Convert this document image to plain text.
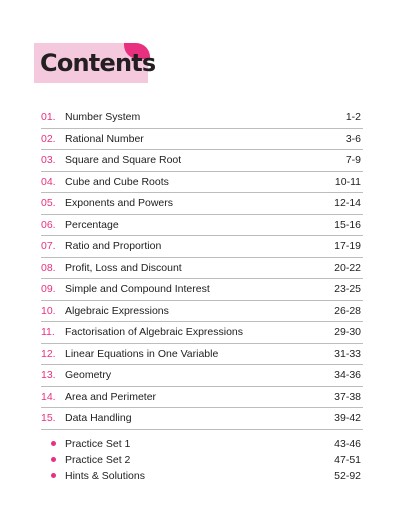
Contents
01. Number System	1-2
02. Rational Number	3-6
03. Square and Square Root	7-9
04. Cube and Cube Roots	10-11
05. Exponents and Powers	12-14
06. Percentage	15-16
07. Ratio and Proportion	17-19
08. Profit, Loss and Discount	20-22
09. Simple and Compound Interest	23-25
10. Algebraic Expressions	26-28
11. Factorisation of Algebraic Expressions	29-30
12. Linear Equations in One Variable	31-33
13. Geometry	34-36
14. Area and Perimeter	37-38
15. Data Handling	39-42
Practice Set 1	43-46
Practice Set 2	47-51
Hints & Solutions	52-92
